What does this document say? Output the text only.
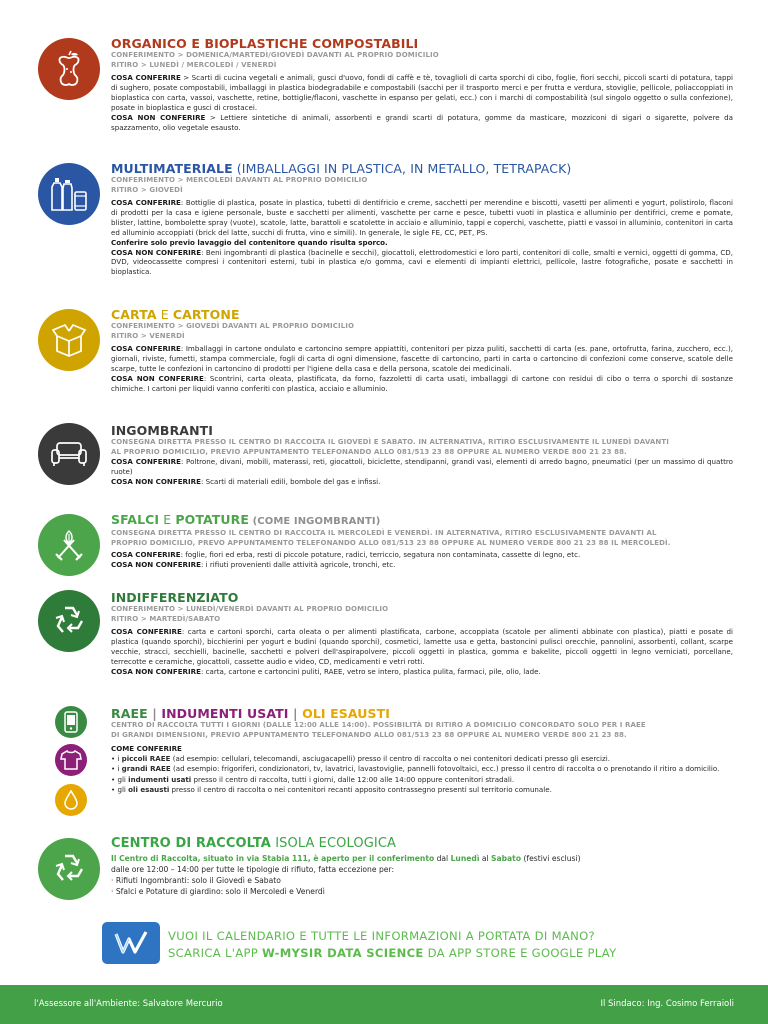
ORGANICO E BIOPLASTICHE COMPOSTABILI
CONFERIMENTO > DOMENICA/MARTEDÌ/GIOVEDÌ DAVANTI AL PROPRIO DOMICILIO
RITIRO > LUNEDÌ / MERCOLEDÌ / VENERDÌ
COSA CONFERIRE > Scarti di cucina vegetali e animali, gusci d'uovo, fondi di caffè e tè, tovaglioli di carta sporchi di cibo, foglie, fiori secchi, piccoli scarti di potatura, tappi di sughero, posate compostabili, imballaggi in plastica biodegradabile e compostabili (sacchi per il trasporto merci e per frutta e verdura, stoviglie, pellicole, poliaccoppiati in bioplastica con carta, vassoi, vaschette, retine, bottiglie/flaconi, vaschette in espanso per gelati, ecc.) con i marchi di compostabilità (sul singolo oggetto o sulla confezione), posate in bioplastica e gusci di crostacei.
COSA NON CONFERIRE > Lettiere sintetiche di animali, assorbenti e grandi scarti di potatura, gomme da masticare, mozziconi di sigari o sigarette, polvere da spazzamento, olio vegetale esausto.
MULTIMATERIALE (IMBALLAGGI IN PLASTICA, IN METALLO, TETRAPACK)
CONFERIMENTO > MERCOLEDÌ DAVANTI AL PROPRIO DOMICILIO
RITIRO > GIOVEDÌ
COSA CONFERIRE: Bottiglie di plastica, posate in plastica, tubetti di dentifricio e creme, sacchetti per merendine e biscotti, vasetti per alimenti e yogurt, polistirolo, flaconi di prodotti per la casa e igiene personale, buste e sacchetti per alimenti, vaschette per carne e pesce, tubetti vuoti in plastica e alluminio per dentifrici, creme e pomate, blister, lattine, bombolette spray (vuote), scatole, latte, barattoli e scatolette in acciaio e alluminio, tappi e coperchi, vaschette, piatti e vassoi in alluminio, contenitori in carta ed alluminio accoppiati (brick del latte, succhi di frutta, vino e simili). In generale, le sigle FE, CC, PET, PS.
Conferire solo previo lavaggio del contenitore quando risulta sporco.
COSA NON CONFERIRE: Beni ingombranti di plastica (bacinelle e secchi), giocattoli, elettrodomestici e loro parti, contenitori di colle, smalti e vernici, oggetti di gomma, CD, DVD, videocassette compresi i contenitori esterni, tubi in plastica e/o gomma, cavi e elementi di impianti elettrici, pellicole, lastre fotografiche, posate e sacchetti in bioplastica.
CARTA E CARTONE
CONFERIMENTO > GIOVEDÌ DAVANTI AL PROPRIO DOMICILIO
RITIRO > VENERDÌ
COSA CONFERIRE: Imballaggi in cartone ondulato e cartoncino sempre appiattiti, contenitori per pizza puliti, sacchetti di carta (es. pane, ortofrutta, farina, zucchero, ecc.), giornali, riviste, fumetti, stampa commerciale, fogli di carta di ogni dimensione, fascette di cartoncino, parti in carta o cartoncino di confezioni come conserve, scatole delle scarpe, tutte le confezioni in cartoncino di prodotti per l'igiene della casa e della persona, scatole dei medicinali.
COSA NON CONFERIRE: Scontrini, carta oleata, plastificata, da forno, fazzoletti di carta usati, imballaggi di cartone con residui di cibo o terra o sporchi di sostanze chimiche. I cartoni per liquidi vanno conferiti con plastica, acciaio e alluminio.
INGOMBRANTI
CONSEGNA DIRETTA PRESSO IL CENTRO DI RACCOLTA IL GIOVEDÌ E SABATO. IN ALTERNATIVA, RITIRO ESCLUSIVAMENTE IL LUNEDÌ DAVANTI
AL PROPRIO DOMICILIO, PREVIO APPUNTAMENTO TELEFONANDO ALLO 081/513 23 88 OPPURE AL NUMERO VERDE 800 21 23 88.
COSA CONFERIRE: Poltrone, divani, mobili, materassi, reti, giocattoli, biciclette, stendipanni, grandi vasi, elementi di arredo bagno, pneumatici (per un massimo di quattro ruote)
COSA NON CONFERIRE: Scarti di materiali edili, bombole del gas e infissi.
SFALCI E POTATURE (COME INGOMBRANTI)
CONSEGNA DIRETTA PRESSO IL CENTRO DI RACCOLTA IL MERCOLEDÌ E VENERDÌ. IN ALTERNATIVA, RITIRO ESCLUSIVAMENTE DAVANTI AL
PROPRIO DOMICILIO, PREVO APPUNTAMENTO TELEFONANDO ALLO 081/513 23 88 OPPURE AL NUMERO VERDE 800 21 23 88 IL MERCOLEDÌ.
COSA CONFERIRE: foglie, fiori ed erba, resti di piccole potature, radici, terriccio, segatura non contaminata, cassette di legno, etc.
COSA NON CONFERIRE: i rifiuti provenienti dalle attività agricole, tronchi, etc.
INDIFFERENZIATO
CONFERIMENTO > LUNEDÌ/VENERDÌ DAVANTI AL PROPRIO DOMICILIO
RITIRO > MARTEDÌ/SABATO
COSA CONFERIRE: carta e cartoni sporchi, carta oleata o per alimenti plastificata, carbone, accoppiata (scatole per alimenti abbinate con plastica), piatti e posate di plastica (quando sporchi), bicchierini per yogurt e budini (quando sporchi), cosmetici, lamette usa e getta, bastoncini pulisci orecchie, pannolini, assorbenti, collant, scarpe vecchie, stracci, secchielli, bacinelle, sacchetti e polveri dell'aspirapolvere, piccoli oggetti in plastica, gomma e bakelite, piccoli oggetti in legno verniciati, porcellane, terrecotte e ceramiche, giocattoli, cassette audio e video, CD, medicamenti e vetri rotti.
COSA NON CONFERIRE: carta, cartone e cartoncini puliti, RAEE, vetro se intero, plastica pulita, farmaci, pile, olio, lade.
RAEE | INDUMENTI USATI | OLI ESAUSTI
CENTRO DI RACCOLTA TUTTI I GIORNI (DALLE 12:00 ALLE 14:00). POSSIBILITÀ DI RITIRO A DOMICILIO CONCORDATO SOLO PER I RAEE
DI GRANDI DIMENSIONI, PREVIO APPUNTAMENTO TELEFONANDO ALLO 081/513 23 88 OPPURE AL NUMERO VERDE 800 21 23 88.
COME CONFERIRE
• i piccoli RAEE (ad esempio: cellulari, telecomandi, asciugacapelli) presso il centro di raccolta o nei contenitori dedicati presso gli esercizi.
• i grandi RAEE (ad esempio: frigoriferi, condizionatori, tv, lavatrici, lavastoviglie, pannelli fotovoltaici, ecc.) presso il centro di raccolta o o prenotando il ritiro a domicilio.
• gli indumenti usati presso il centro di raccolta, tutti i giorni, dalle 12:00 alle 14:00 oppure contenitori stradali.
• gli oli esausti presso il centro di raccolta o nei contenitori recanti apposito contrassegno presenti sul territorio comunale.
CENTRO DI RACCOLTA ISOLA ECOLOGICA
Il Centro di Raccolta, situato in via Stabia 111, è aperto per il conferimento dal Lunedì al Sabato (festivi esclusi)
dalle ore 12:00 – 14:00 per tutte le tipologie di rifiuto, fatta eccezione per:
· Rifiuti Ingombranti: solo il Giovedì e Sabato
· Sfalci e Potature di giardino: solo il Mercoledì e Venerdì
VUOI IL CALENDARIO E TUTTE LE INFORMAZIONI A PORTATA DI MANO?
SCARICA L'APP W-MYSIR DATA SCIENCE DA APP STORE E GOOGLE PLAY
l'Assessore all'Ambiente: Salvatore Mercurio	Il Sindaco: Ing. Cosimo Ferraioli
